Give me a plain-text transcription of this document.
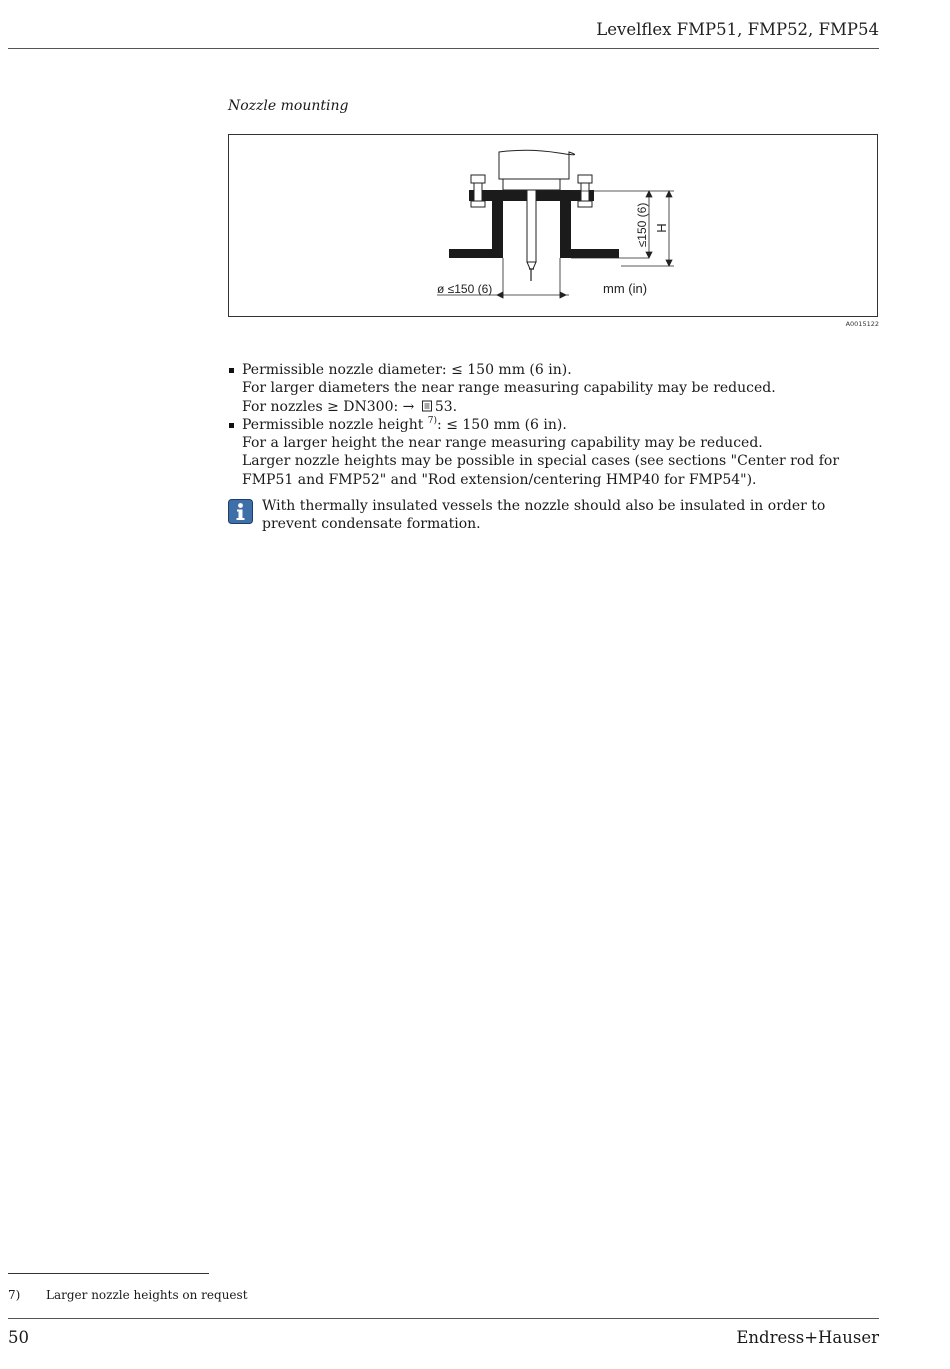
Levelflex FMP51, FMP52, FMP54
Nozzle mounting
≤150 (6) H
ø ≤150 (6)	mm (in)
A0015122
Permissible nozzle diameter: ≤ 150 mm (6 in).
For larger diameters the near range measuring capability may be reduced.
For nozzles ≥ DN300: → 53.
Permissible nozzle height $^{7)}$: ≤ 150 mm (6 in).
For a larger height the near range measuring capability may be reduced.
Larger nozzle heights may be possible in special cases (see sections "Center rod for FMP51 and FMP52" and "Rod extension/centering HMP40 for FMP54").
With thermally insulated vessels the nozzle should also be insulated in order to prevent condensate formation.
7) Larger nozzle heights on request
50	Endress+Hauser
